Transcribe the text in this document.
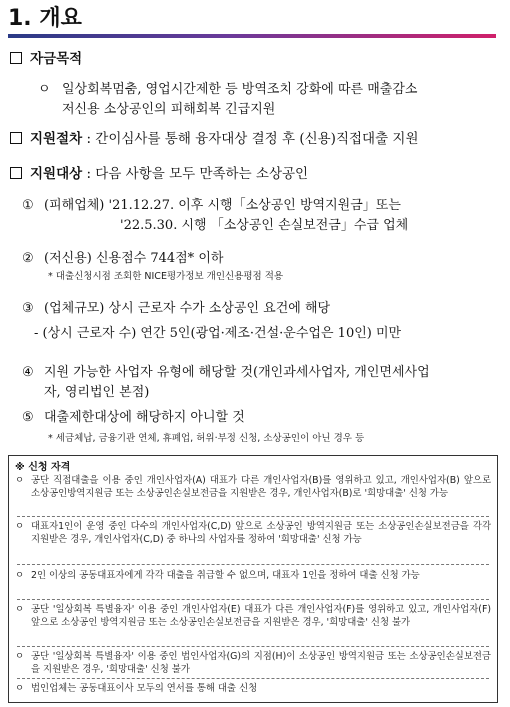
1. 개요
자금목적
ㅇ 일상회복멈춤, 영업시간제한 등 방역조치 강화에 따른 매출감소
저신용 소상공인의 피해회복 긴급지원
지원절차 : 간이심사를 통해 융자대상 결정 후 (신용)직접대출 지원
지원대상 : 다음 사항을 모두 만족하는 소상공인
① (피해업체) '21.12.27. 이후 시행「소상공인 방역지원금」또는
'22.5.30. 시행 「소상공인 손실보전금」수급 업체
② (저신용) 신용점수 744점* 이하
* 대출신청시점 조회한 NICE평가정보 개인신용평점 적용
③ (업체규모) 상시 근로자 수가 소상공인 요건에 해당
- (상시 근로자 수) 연간 5인(광업·제조·건설·운수업은 10인) 미만
④ 지원 가능한 사업자 유형에 해당할 것(개인과세사업자, 개인면세사업
자, 영리법인 본점)
⑤ 대출제한대상에 해당하지 아니할 것
* 세금체납, 금융기관 연체, 휴폐업, 허위·부정 신청, 소상공인이 아닌 경우 등
※ 신청 자격
ㅇ 공단 직접대출을 이용 중인 개인사업자(A) 대표가 다른 개인사업자(B)를 영위하고 있고, 개인사업자(B) 앞으로 소상공인방역지원금 또는 소상공인손실보전금을 지원받은 경우, 개인사업자(B)로 '희망대출' 신청 가능
ㅇ 대표자1인이 운영 중인 다수의 개인사업자(C,D) 앞으로 소상공인 방역지원금 또는 소상공인손실보전금을 각각 지원받은 경우, 개인사업자(C,D) 중 하나의 사업자를 정하여 '희망대출' 신청 가능
ㅇ 2인 이상의 공동대표자에게 각각 대출을 취급할 수 없으며, 대표자 1인을 정하여 대출 신청 가능
ㅇ 공단 '일상회복 특별융자' 이용 중인 개인사업자(E) 대표가 다른 개인사업자(F)를 영위하고 있고, 개인사업자(F) 앞으로 소상공인 방역지원금 또는 소상공인손실보전금을 지원받은 경우, '희망대출' 신청 불가
ㅇ 공단 '일상회복 특별융자' 이용 중인 법인사업자(G)의 지점(H)이 소상공인 방역지원금 또는 소상공인손실보전금을 지원받은 경우, '희망대출' 신청 불가
ㅇ 법인업체는 공동대표이사 모두의 연서를 통해 대출 신청
